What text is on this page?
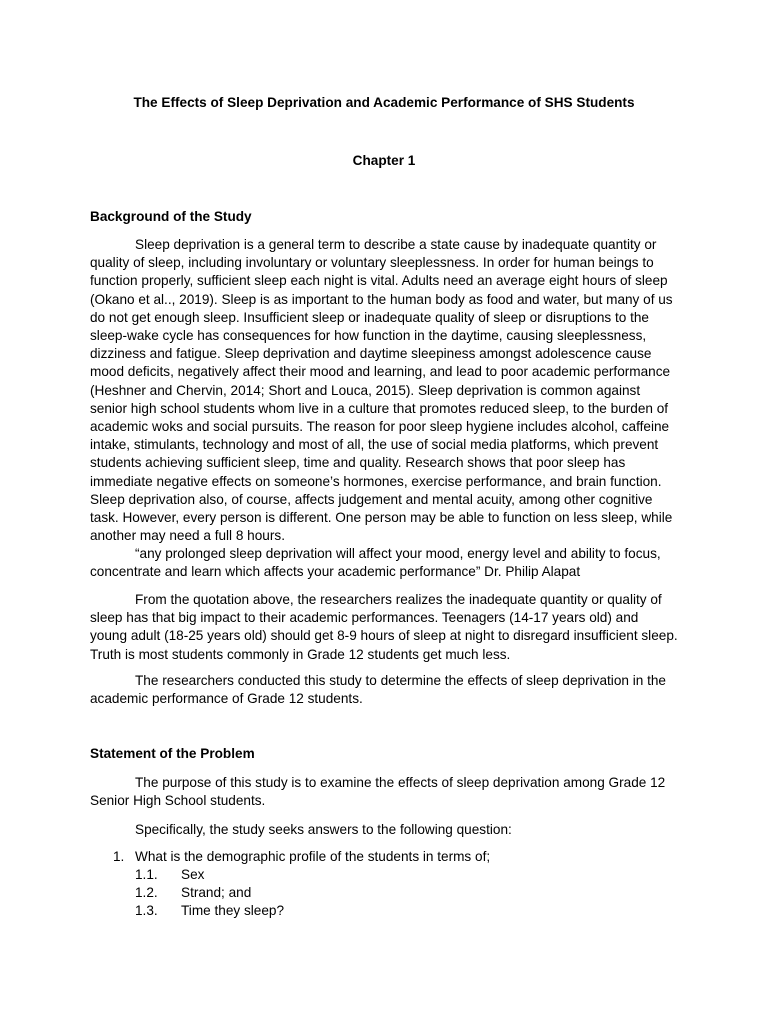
The Effects of Sleep Deprivation and Academic Performance of SHS Students
Chapter 1
Background of the Study

Sleep deprivation is a general term to describe a state cause by inadequate quantity or quality of sleep, including involuntary or voluntary sleeplessness. In order for human beings to function properly, sufficient sleep each night is vital. Adults need an average eight hours of sleep (Okano et al.., 2019). Sleep is as important to the human body as food and water, but many of us do not get enough sleep. Insufficient sleep or inadequate quality of sleep or disruptions to the sleep-wake cycle has consequences for how function in the daytime, causing sleeplessness, dizziness and fatigue. Sleep deprivation and daytime sleepiness amongst adolescence cause mood deficits, negatively affect their mood and learning, and lead to poor academic performance (Heshner and Chervin, 2014; Short and Louca, 2015). Sleep deprivation is common against senior high school students whom live in a culture that promotes reduced sleep, to the burden of academic woks and social pursuits. The reason for poor sleep hygiene includes alcohol, caffeine intake, stimulants, technology and most of all, the use of social media platforms, which prevent students achieving sufficient sleep, time and quality. Research shows that poor sleep has immediate negative effects on someone’s hormones, exercise performance, and brain function. Sleep deprivation also, of course, affects judgement and mental acuity, among other cognitive task. However, every person is different. One person may be able to function on less sleep, while another may need a full 8 hours.

“any prolonged sleep deprivation will affect your mood, energy level and ability to focus, concentrate and learn which affects your academic performance” Dr. Philip Alapat

From the quotation above, the researchers realizes the inadequate quantity or quality of sleep has that big impact to their academic performances. Teenagers (14-17 years old) and young adult (18-25 years old) should get 8-9 hours of sleep at night to disregard insufficient sleep. Truth is most students commonly in Grade 12 students get much less.

The researchers conducted this study to determine the effects of sleep deprivation in the academic performance of Grade 12 students.

Statement of the Problem

The purpose of this study is to examine the effects of sleep deprivation among Grade 12 Senior High School students.

Specifically, the study seeks answers to the following question:

1. What is the demographic profile of the students in terms of;
1.1. Sex
1.2. Strand; and
1.3. Time they sleep?
